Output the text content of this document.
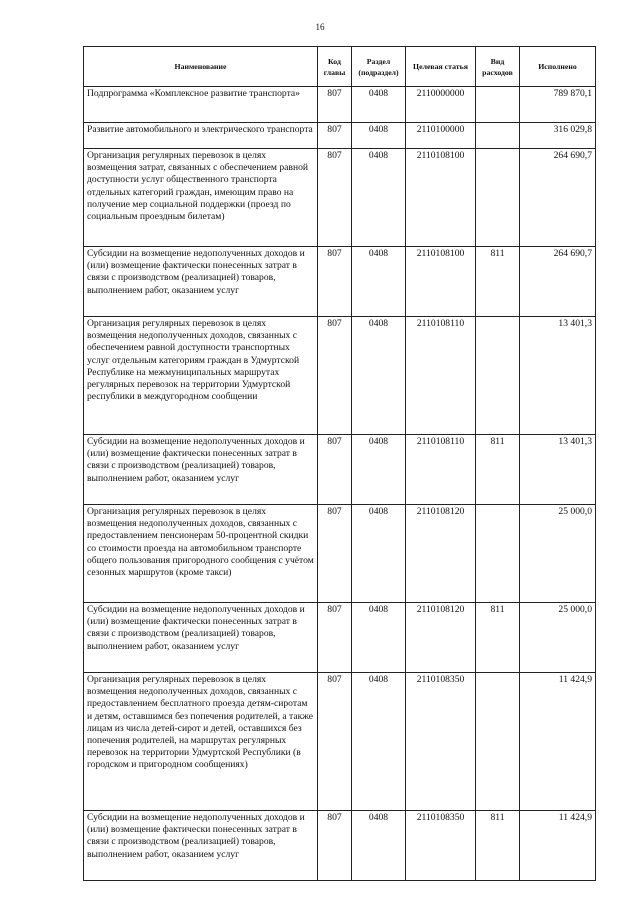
16
Наименование	Код главы	Раздел (подраздел)	Целевая статья	Вид расходов	Исполнено
Подпрограмма «Комплексное развитие транспорта»	807	0408	2110000000		789 870,1
Развитие автомобильного и электрического транспорта	807	0408	2110100000		316 029,8
Организация регулярных перевозок в целях возмещения затрат, связанных с обеспечением равной доступности услуг общественного транспорта отдельных категорий граждан, имеющим право на получение мер социальной поддержки (проезд по социальным проездным билетам)	807	0408	2110108100		264 690,7
Субсидии на возмещение недополученных доходов и (или) возмещение фактически понесенных затрат в связи с производством (реализацией) товаров, выполнением работ, оказанием услуг	807	0408	2110108100	811	264 690,7
Организация регулярных перевозок в целях возмещения недополученных доходов, связанных с обеспечением равной доступности транспортных услуг отдельным категориям граждан в Удмуртской Республике на межмуниципальных маршрутах регулярных перевозок на территории Удмуртской республики в междугородном сообщении	807	0408	2110108110		13 401,3
Субсидии на возмещение недополученных доходов и (или) возмещение фактически понесенных затрат в связи с производством (реализацией) товаров, выполнением работ, оказанием услуг	807	0408	2110108110	811	13 401,3
Организация регулярных перевозок в целях возмещения недополученных доходов, связанных с предоставлением пенсионерам 50-процентной скидки со стоимости проезда на автомобильном транспорте общего пользования пригородного сообщения с учётом сезонных маршрутов (кроме такси)	807	0408	2110108120		25 000,0
Субсидии на возмещение недополученных доходов и (или) возмещение фактически понесенных затрат в связи с производством (реализацией) товаров, выполнением работ, оказанием услуг	807	0408	2110108120	811	25 000,0
Организация регулярных перевозок в целях возмещения недополученных доходов, связанных с предоставлением бесплатного проезда детям-сиротам и детям, оставшимся без попечения родителей, а также лицам из числа детей-сирот и детей, оставшихся без попечения родителей, на маршрутах регулярных перевозок на территории Удмуртской Республики (в городском и пригородном сообщениях)	807	0408	2110108350		11 424,9
Субсидии на возмещение недополученных доходов и (или) возмещение фактически понесенных затрат в связи с производством (реализацией) товаров, выполнением работ, оказанием услуг	807	0408	2110108350	811	11 424,9
